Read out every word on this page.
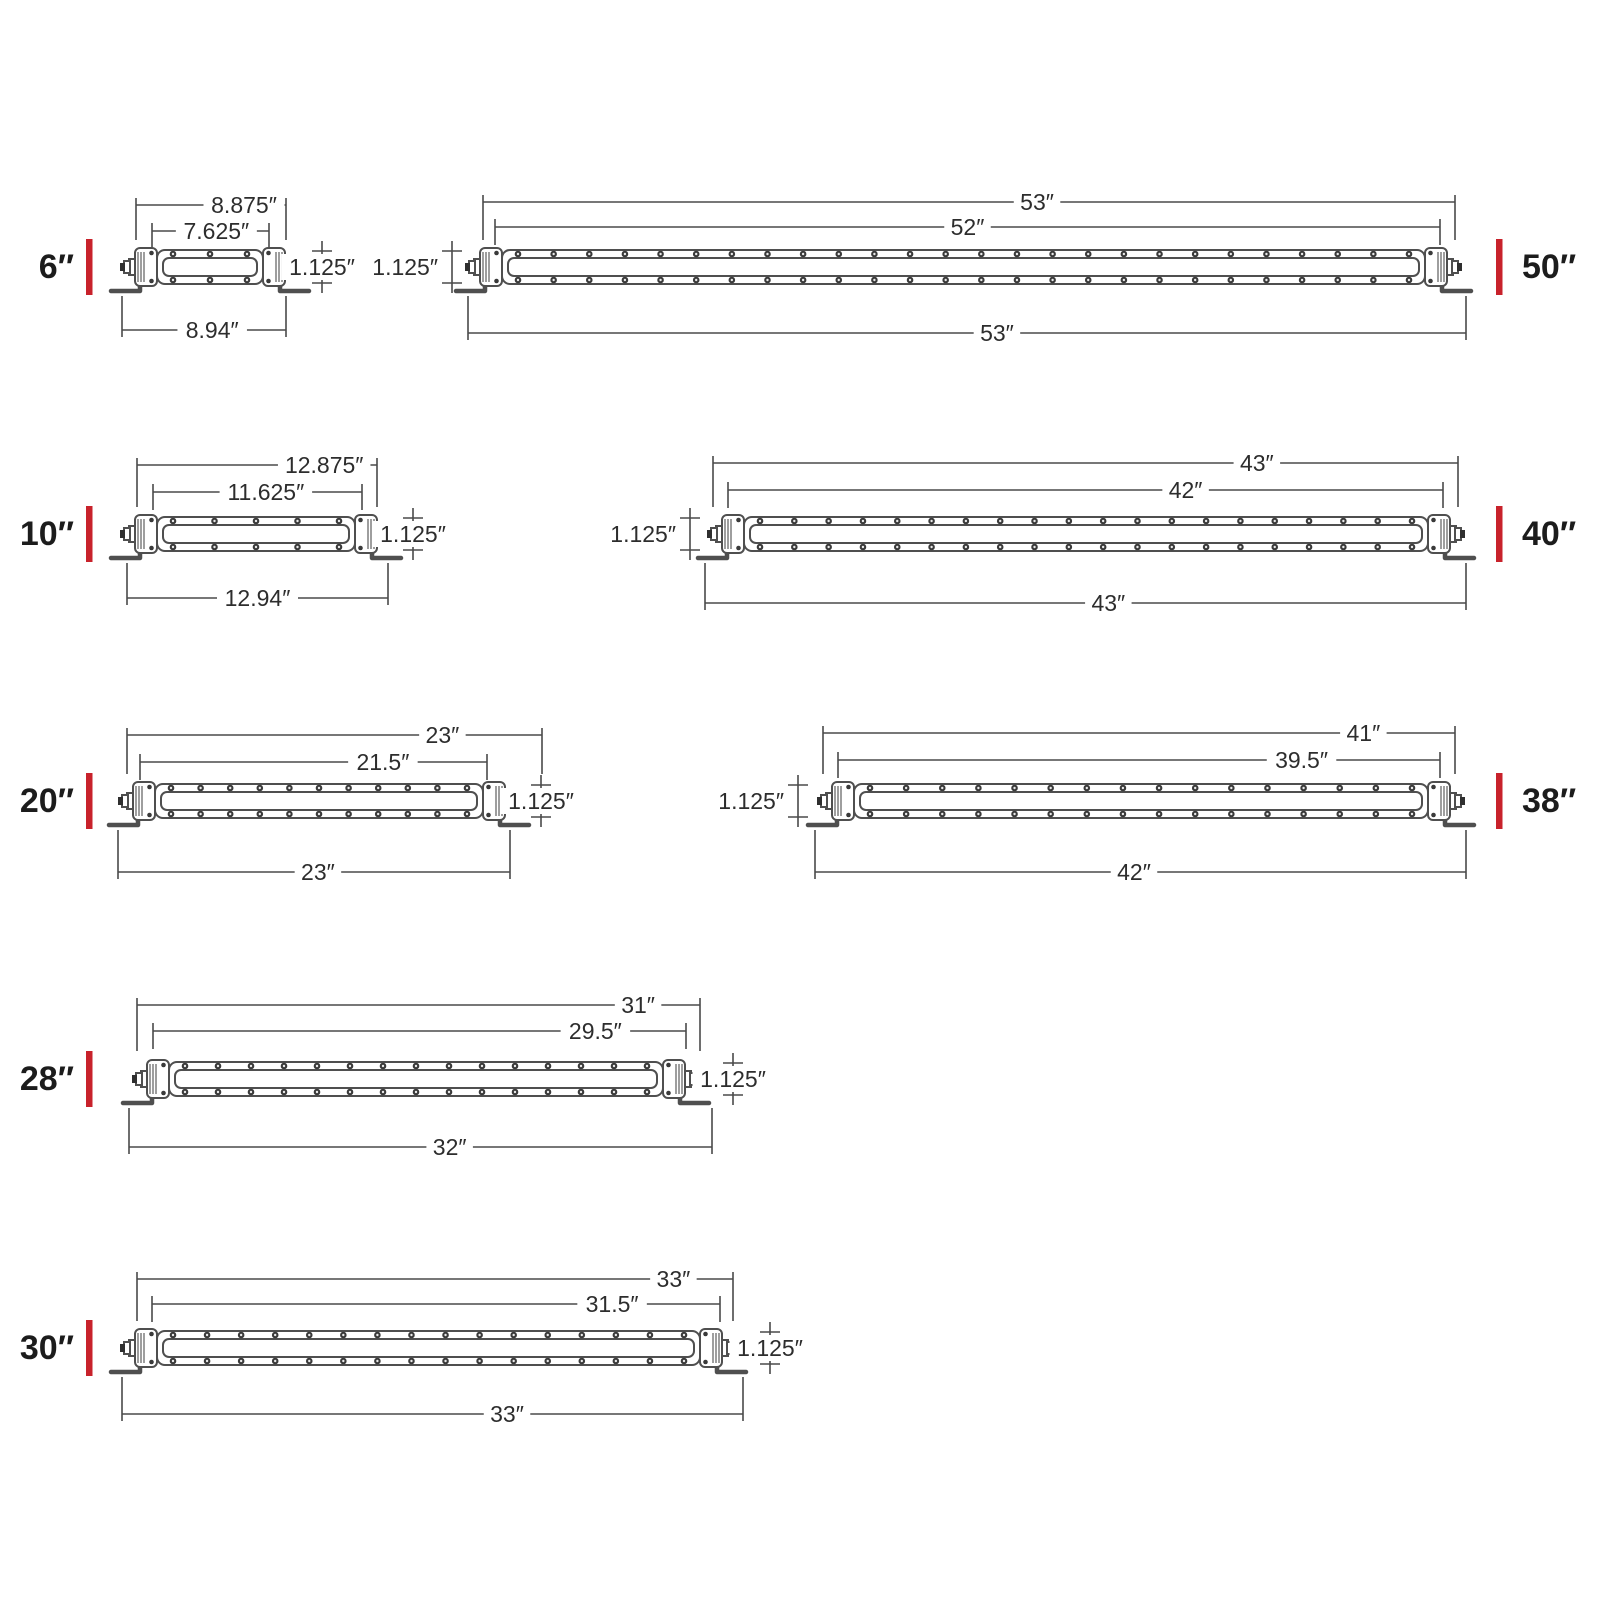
8.875″
7.625″
8.94″
1.125″
6″
53″
52″
53″
1.125″	50″
12.875″
11.625″
12.94″
1.125″
10″
43″
42″
43″
1.125″	40″
23″
21.5″
23″
1.125″
20″
41″
39.5″
42″
1.125″	38″
31″
29.5″
32″
1.125″
28″
33″
31.5″
33″
1.125″
30″
